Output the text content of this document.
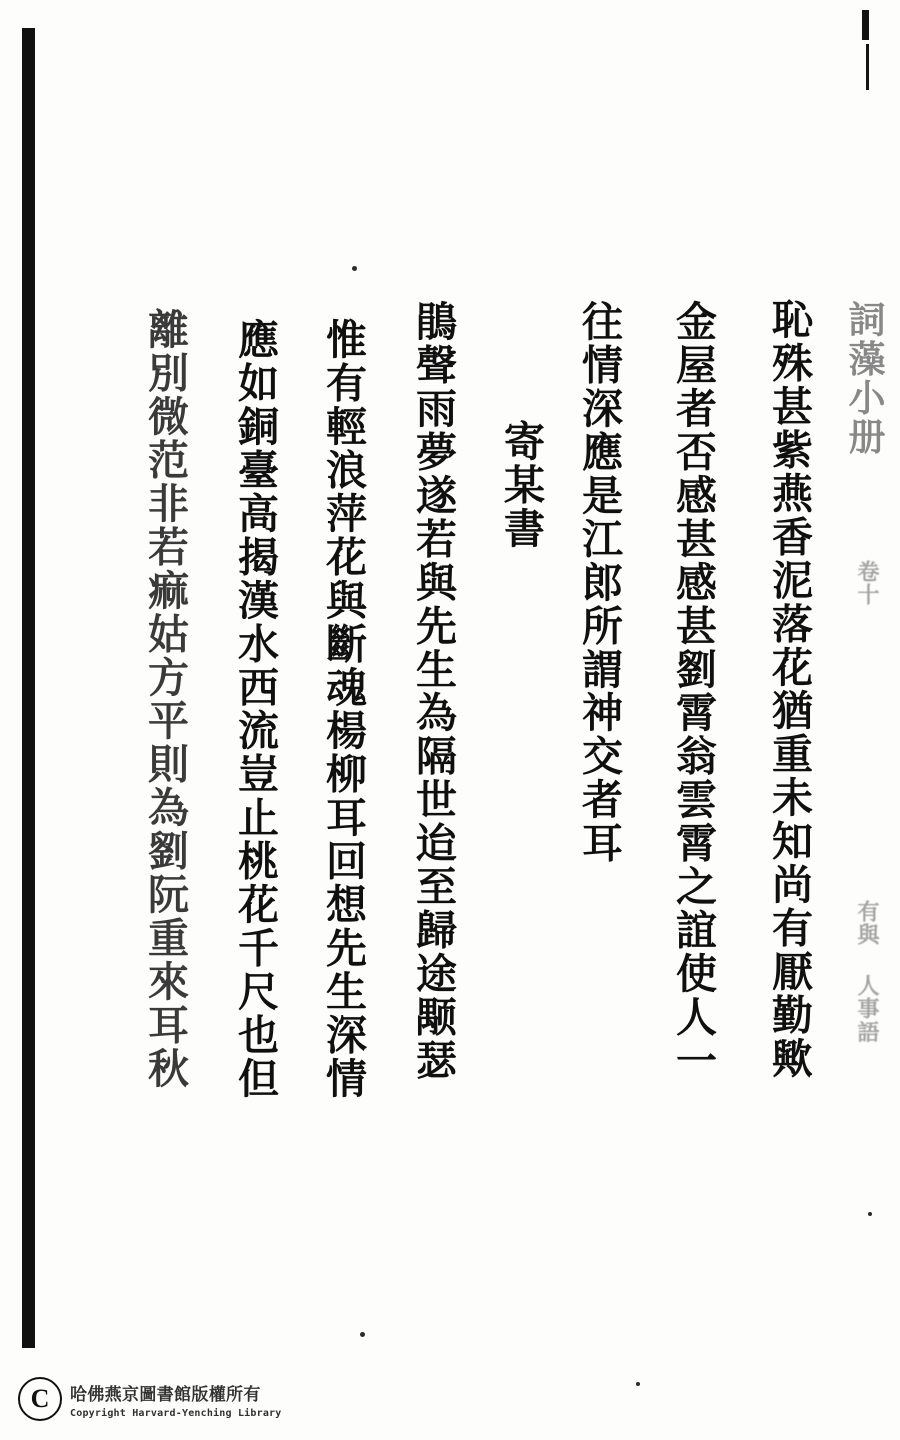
詞藻小册
卷十
有與 人事語
恥殊甚紫燕香泥落花猶重未知尚有厭勤歟
金屋者否感甚感甚劉霄翁雲霄之誼使人一
往情深應是江郎所謂神交者耳
寄某書
鵑聲雨夢遂若與先生為隔世迨至歸途颙瑟
惟有輕浪萍花與斷魂楊柳耳回想先生深情
應如銅臺高揭漢水西流豈止桃花千尺也但
離別微范非若痲姑方平則為劉阮重來耳秋
C	哈佛燕京圖書館版權所有
Copyright Harvard-Yenching Library
